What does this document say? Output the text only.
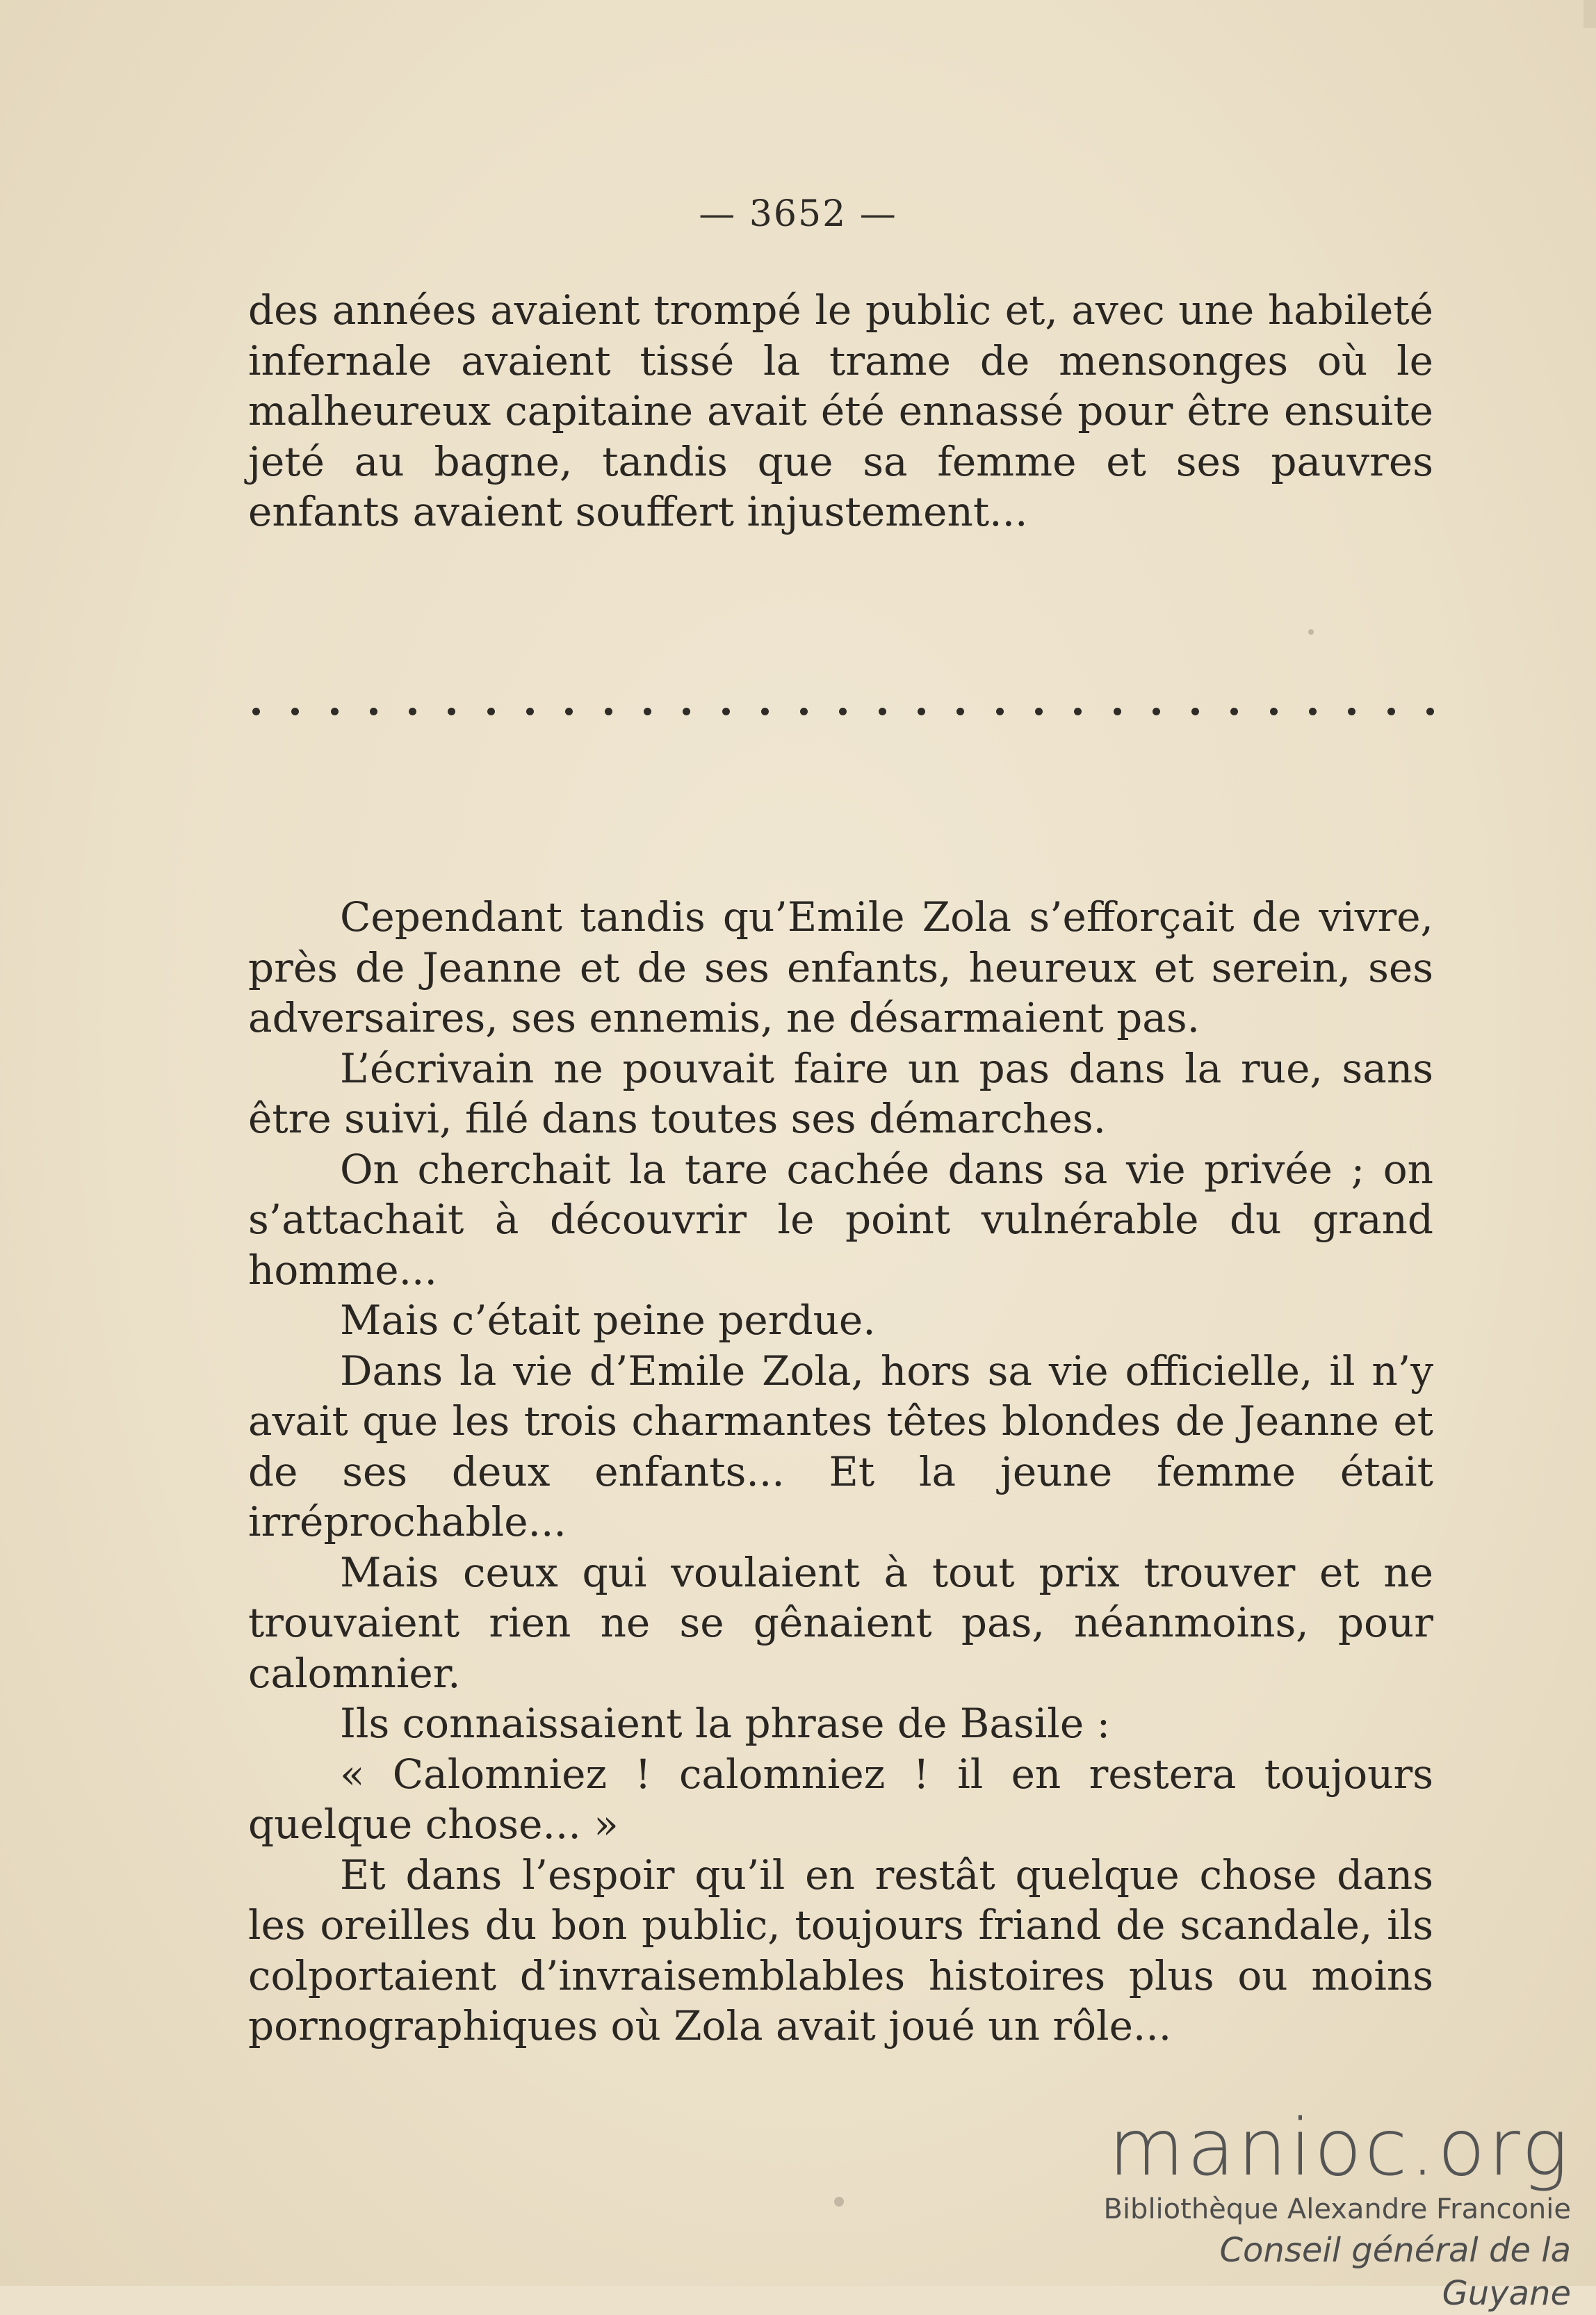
— 3652 —

des années avaient trompé le public et, avec une habileté infernale avaient tissé la trame de mensonges où le malheureux capitaine avait été ennassé pour être ensuite jeté au bagne, tandis que sa femme et ses pauvres enfants avaient souffert injustement...

Cependant tandis qu’Emile Zola s’efforçait de vivre, près de Jeanne et de ses enfants, heureux et serein, ses adversaires, ses ennemis, ne désarmaient pas.

L’écrivain ne pouvait faire un pas dans la rue, sans être suivi, filé dans toutes ses démarches.

On cherchait la tare cachée dans sa vie privée ; on s’attachait à découvrir le point vulnérable du grand homme...

Mais c’était peine perdue.

Dans la vie d’Emile Zola, hors sa vie officielle, il n’y avait que les trois charmantes têtes blondes de Jeanne et de ses deux enfants... Et la jeune femme était irréprochable...

Mais ceux qui voulaient à tout prix trouver et ne trouvaient rien ne se gênaient pas, néanmoins, pour calomnier.

Ils connaissaient la phrase de Basile :

« Calomniez ! calomniez ! il en restera toujours quelque chose... »

Et dans l’espoir qu’il en restât quelque chose dans les oreilles du bon public, toujours friand de scandale, ils colportaient d’invraisemblables histoires plus ou moins pornographiques où Zola avait joué un rôle...

manioc.org
Bibliothèque Alexandre Franconie
Conseil général de la Guyane
